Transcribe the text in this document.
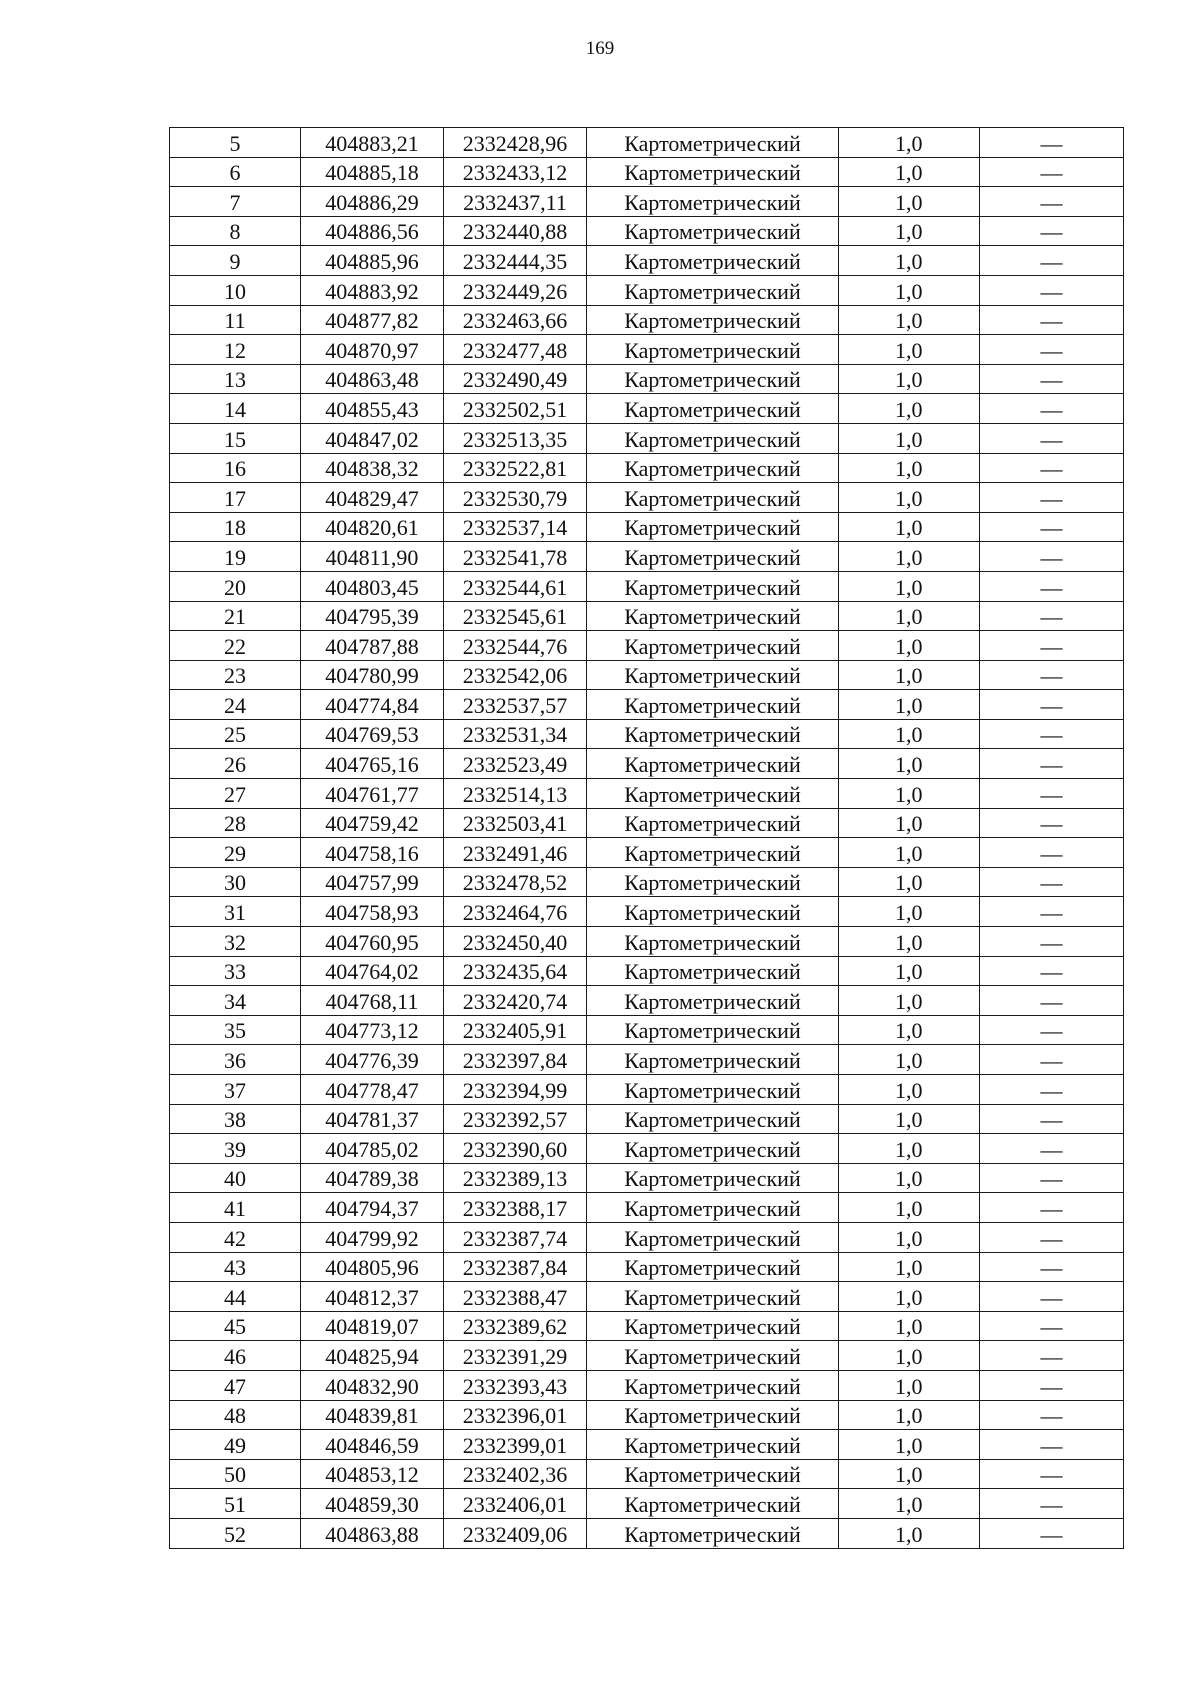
169
5	404883,21	2332428,96	Картометрический	1,0	—
6	404885,18	2332433,12	Картометрический	1,0	—
7	404886,29	2332437,11	Картометрический	1,0	—
8	404886,56	2332440,88	Картометрический	1,0	—
9	404885,96	2332444,35	Картометрический	1,0	—
10	404883,92	2332449,26	Картометрический	1,0	—
11	404877,82	2332463,66	Картометрический	1,0	—
12	404870,97	2332477,48	Картометрический	1,0	—
13	404863,48	2332490,49	Картометрический	1,0	—
14	404855,43	2332502,51	Картометрический	1,0	—
15	404847,02	2332513,35	Картометрический	1,0	—
16	404838,32	2332522,81	Картометрический	1,0	—
17	404829,47	2332530,79	Картометрический	1,0	—
18	404820,61	2332537,14	Картометрический	1,0	—
19	404811,90	2332541,78	Картометрический	1,0	—
20	404803,45	2332544,61	Картометрический	1,0	—
21	404795,39	2332545,61	Картометрический	1,0	—
22	404787,88	2332544,76	Картометрический	1,0	—
23	404780,99	2332542,06	Картометрический	1,0	—
24	404774,84	2332537,57	Картометрический	1,0	—
25	404769,53	2332531,34	Картометрический	1,0	—
26	404765,16	2332523,49	Картометрический	1,0	—
27	404761,77	2332514,13	Картометрический	1,0	—
28	404759,42	2332503,41	Картометрический	1,0	—
29	404758,16	2332491,46	Картометрический	1,0	—
30	404757,99	2332478,52	Картометрический	1,0	—
31	404758,93	2332464,76	Картометрический	1,0	—
32	404760,95	2332450,40	Картометрический	1,0	—
33	404764,02	2332435,64	Картометрический	1,0	—
34	404768,11	2332420,74	Картометрический	1,0	—
35	404773,12	2332405,91	Картометрический	1,0	—
36	404776,39	2332397,84	Картометрический	1,0	—
37	404778,47	2332394,99	Картометрический	1,0	—
38	404781,37	2332392,57	Картометрический	1,0	—
39	404785,02	2332390,60	Картометрический	1,0	—
40	404789,38	2332389,13	Картометрический	1,0	—
41	404794,37	2332388,17	Картометрический	1,0	—
42	404799,92	2332387,74	Картометрический	1,0	—
43	404805,96	2332387,84	Картометрический	1,0	—
44	404812,37	2332388,47	Картометрический	1,0	—
45	404819,07	2332389,62	Картометрический	1,0	—
46	404825,94	2332391,29	Картометрический	1,0	—
47	404832,90	2332393,43	Картометрический	1,0	—
48	404839,81	2332396,01	Картометрический	1,0	—
49	404846,59	2332399,01	Картометрический	1,0	—
50	404853,12	2332402,36	Картометрический	1,0	—
51	404859,30	2332406,01	Картометрический	1,0	—
52	404863,88	2332409,06	Картометрический	1,0	—
